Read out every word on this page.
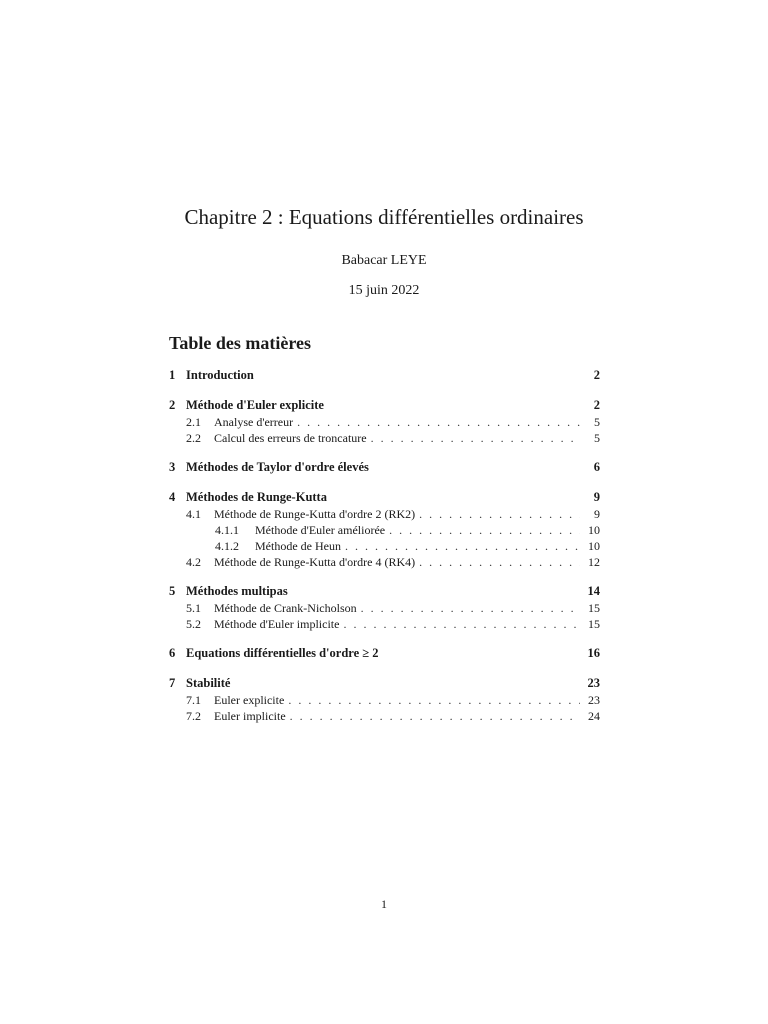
Chapitre 2 : Equations différentielles ordinaires
Babacar LEYE
15 juin 2022
Table des matières
1 Introduction	2
2 Méthode d'Euler explicite	2
2.1	Analyse d'erreur . . .	5
2.2	Calcul des erreurs de troncature . . .	5
3 Méthodes de Taylor d'ordre élevés	6
4 Méthodes de Runge-Kutta	9
4.1	Méthode de Runge-Kutta d'ordre 2 (RK2) . . .	9
4.1.1	Méthode d'Euler améliorée . . .	10
4.1.2	Méthode de Heun . . .	10
4.2	Méthode de Runge-Kutta d'ordre 4 (RK4) . . .	12
5 Méthodes multipas	14
5.1	Méthode de Crank-Nicholson . . .	15
5.2	Méthode d'Euler implicite . . .	15
6 Equations différentielles d'ordre ≥ 2	16
7 Stabilité	23
7.1	Euler explicite . . .	23
7.2	Euler implicite . . .	24
1
